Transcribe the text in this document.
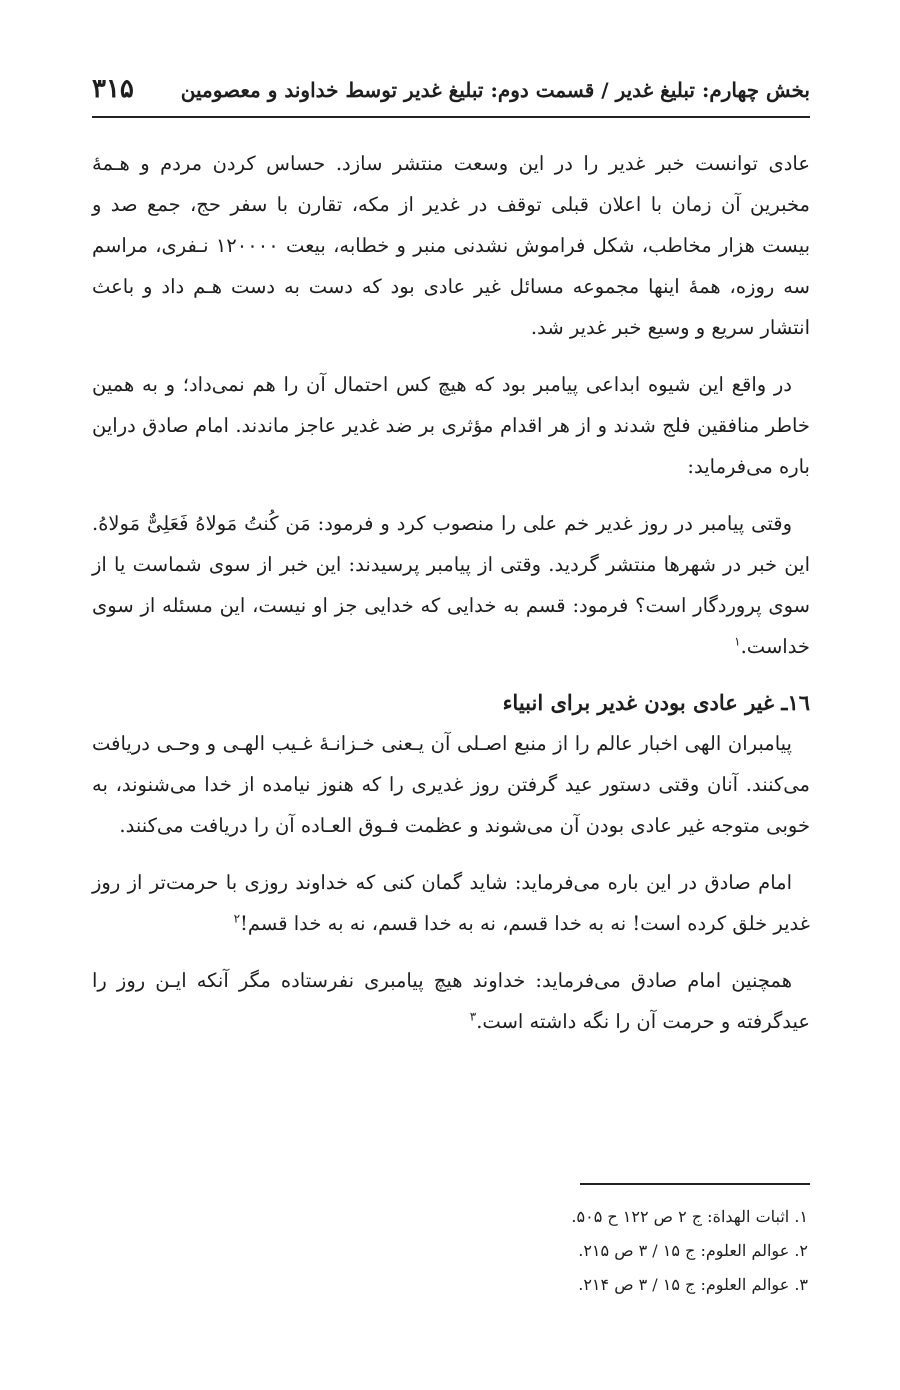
بخش چهارم: تبلیغ غدیر / قسمت دوم: تبلیغ غدیر توسط خداوند و معصومین
۳۱۵

عادی توانست خبر غدیر را در این وسعت منتشر سازد. حساس کردن مردم و هـمهٔ مخبرین آن زمان با اعلان قبلی توقف در غدیر از مکه، تقارن با سفر حج، جمع صد و بیست هزار مخاطب، شکل فراموش نشدنی منبر و خطابه، بیعت ۱۲۰۰۰۰ نـفری، مراسم سه روزه، همهٔ اینها مجموعه مسائل غیر عادی بود که دست به دست هـم داد و باعث انتشار سریع و وسیع خبر غدیر شد.

در واقع این شیوه ابداعی پیامبر بود که هیچ کس احتمال آن را هم نمی‌داد؛ و به همین خاطر منافقین فلج شدند و از هر اقدام مؤثری بر ضد غدیر عاجز ماندند. امام صادق دراین باره می‌فرماید:

وقتی پیامبر در روز غدیر خم علی را منصوب کرد و فرمود: مَن کُنتُ مَولاهُ فَعَلِیٌّ مَولاهُ. این خبر در شهرها منتشر گردید. وقتی از پیامبر پرسیدند: این خبر از سوی شماست یا از سوی پروردگار است؟ فرمود: قسم به خدایی که خدایی جز او نیست، این مسئله از سوی خداست.$^۱$

۱٦ـ غیر عادی بودن غدیر برای انبیاء

پیامبران الهی اخبار عالم را از منبع اصـلی آن یـعنی خـزانـهٔ غـیب الهـی و وحـی دریافت می‌کنند. آنان وقتی دستور عید گرفتن روز غدیری را که هنوز نیامده از خدا می‌شنوند، به خوبی متوجه غیر عادی بودن آن می‌شوند و عظمت فـوق العـاده آن را دریافت می‌کنند.

امام صادق در این باره می‌فرماید: شاید گمان کنی که خداوند روزی با حرمت‌تر از روز غدیر خلق کرده است! نه به خدا قسم، نه به خدا قسم، نه به خدا قسم!$^۲$

همچنین امام صادق می‌فرماید: خداوند هیچ پیامبری نفرستاده مگر آنکه ایـن روز را عیدگرفته و حرمت آن را نگه داشته است.$^۳$

۱. اثبات الهداة: ج ۲ ص ۱۲۲ ح ۵۰۵.

۲. عوالم العلوم: ج ۱۵ / ۳ ص ۲۱۵.

۳. عوالم العلوم: ج ۱۵ / ۳ ص ۲۱۴.
